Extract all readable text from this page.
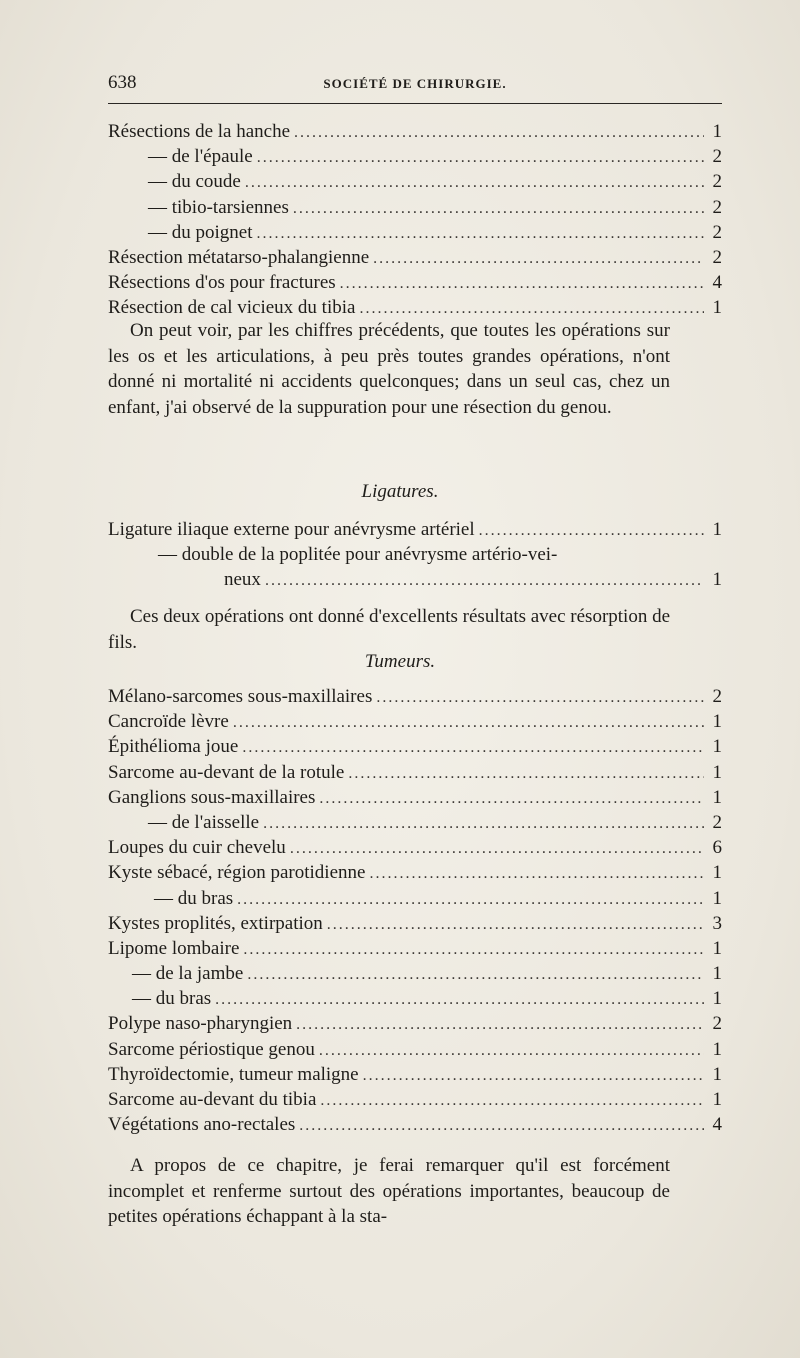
638	SOCIÉTÉ DE CHIRURGIE.
Résections de la hanche .....	1
— de l'épaule .....	2
— du coude .....	2
— tibio-tarsiennes .....	2
— du poignet .....	2
Résection métatarso-phalangienne .....	2
Résections d'os pour fractures .....	4
Résection de cal vicieux du tibia .....	1

On peut voir, par les chiffres précédents, que toutes les opérations sur les os et les articulations, à peu près toutes grandes opérations, n'ont donné ni mortalité ni accidents quelconques; dans un seul cas, chez un enfant, j'ai observé de la suppuration pour une résection du genou.

Ligatures.
Ligature iliaque externe pour anévrysme artériel .....	1
— double de la poplitée pour anévrysme artério-vei-
neux .....	1

Ces deux opérations ont donné d'excellents résultats avec résorption de fils.

Tumeurs.
Mélano-sarcomes sous-maxillaires .....	2
Cancroïde lèvre .....	1
Épithélioma joue .....	1
Sarcome au-devant de la rotule .....	1
Ganglions sous-maxillaires .....	1
— de l'aisselle .....	2
Loupes du cuir chevelu .....	6
Kyste sébacé, région parotidienne .....	1
— du bras .....	1
Kystes proplités, extirpation .....	3
Lipome lombaire .....	1
— de la jambe .....	1
— du bras .....	1
Polype naso-pharyngien .....	2
Sarcome périostique genou .....	1
Thyroïdectomie, tumeur maligne .....	1
Sarcome au-devant du tibia .....	1
Végétations ano-rectales .....	4

A propos de ce chapitre, je ferai remarquer qu'il est forcément incomplet et renferme surtout des opérations importantes, beaucoup de petites opérations échappant à la sta-
